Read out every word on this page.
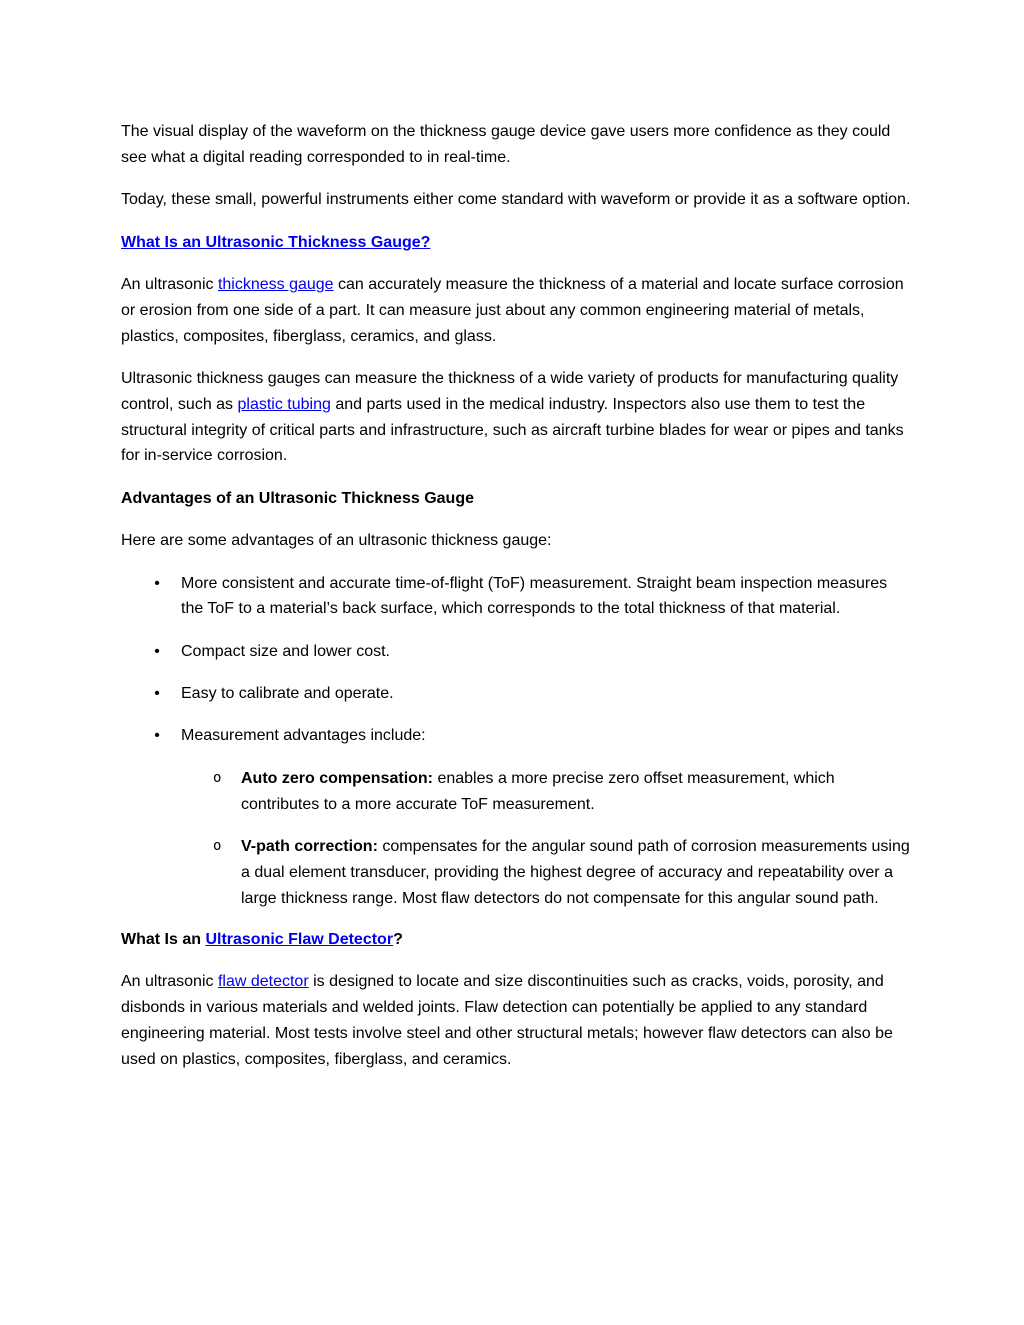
The visual display of the waveform on the thickness gauge device gave users more confidence as they could see what a digital reading corresponded to in real-time.

Today, these small, powerful instruments either come standard with waveform or provide it as a software option.

What Is an Ultrasonic Thickness Gauge?

An ultrasonic thickness gauge can accurately measure the thickness of a material and locate surface corrosion or erosion from one side of a part. It can measure just about any common engineering material of metals, plastics, composites, fiberglass, ceramics, and glass.

Ultrasonic thickness gauges can measure the thickness of a wide variety of products for manufacturing quality control, such as plastic tubing and parts used in the medical industry. Inspectors also use them to test the structural integrity of critical parts and infrastructure, such as aircraft turbine blades for wear or pipes and tanks for in-service corrosion.

Advantages of an Ultrasonic Thickness Gauge

Here are some advantages of an ultrasonic thickness gauge:

• More consistent and accurate time-of-flight (ToF) measurement. Straight beam inspection measures the ToF to a material’s back surface, which corresponds to the total thickness of that material.
• Compact size and lower cost.
• Easy to calibrate and operate.
• Measurement advantages include:
o Auto zero compensation: enables a more precise zero offset measurement, which contributes to a more accurate ToF measurement.
o V-path correction: compensates for the angular sound path of corrosion measurements using a dual element transducer, providing the highest degree of accuracy and repeatability over a large thickness range. Most flaw detectors do not compensate for this angular sound path.

What Is an Ultrasonic Flaw Detector?

An ultrasonic flaw detector is designed to locate and size discontinuities such as cracks, voids, porosity, and disbonds in various materials and welded joints. Flaw detection can potentially be applied to any standard engineering material. Most tests involve steel and other structural metals; however flaw detectors can also be used on plastics, composites, fiberglass, and ceramics.
